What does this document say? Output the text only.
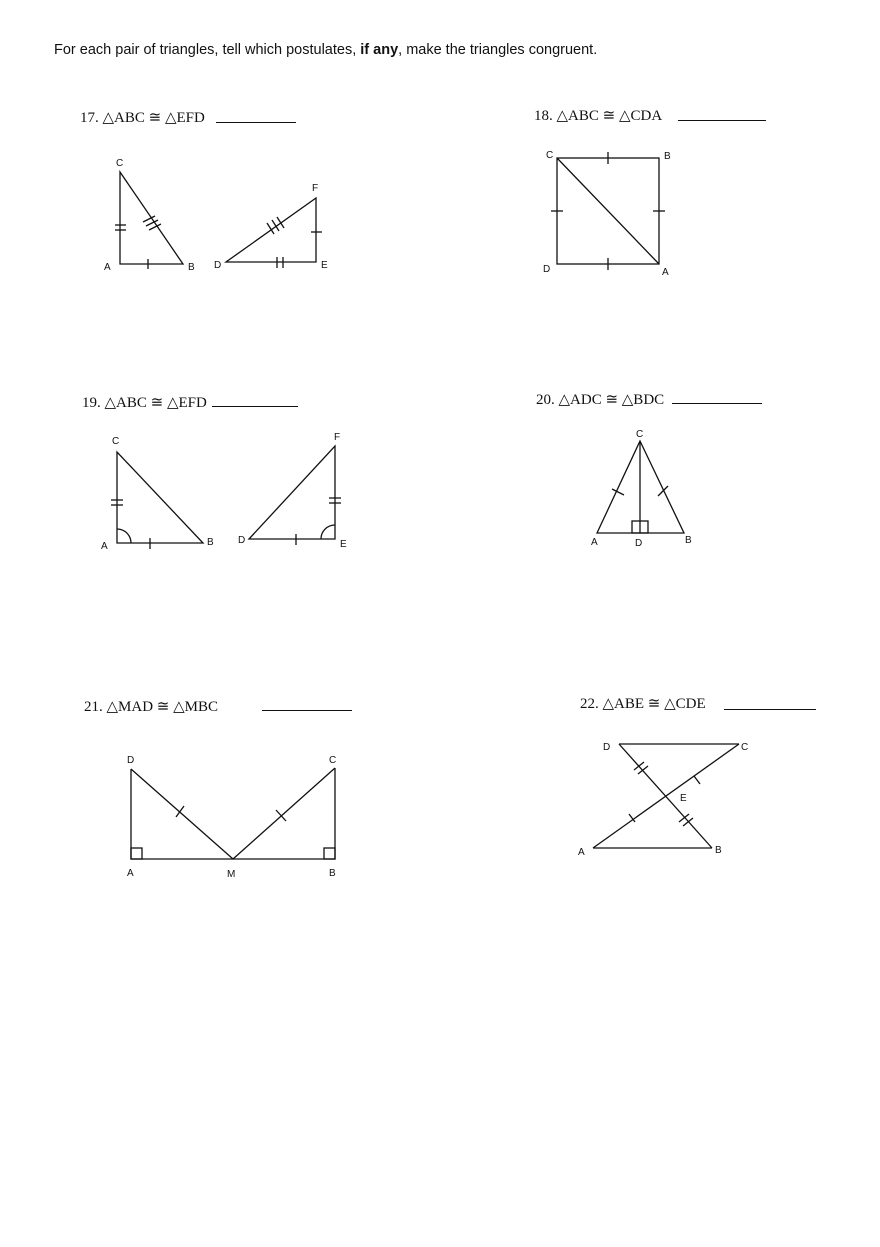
For each pair of triangles, tell which postulates, if any, make the triangles congruent.
17. △ABC ≅ △EFD	18. △ABC ≅ △CDA
19. △ABC ≅ △EFD	20. △ADC ≅ △BDC
21. △MAD ≅ △MBC	22. △ABE ≅ △CDE
C
A	B
F
D	E
C	B
D	A
C
A	B
F
D	E
C
A	D	B
D	C
A	M	B
D	C
E
A	B
